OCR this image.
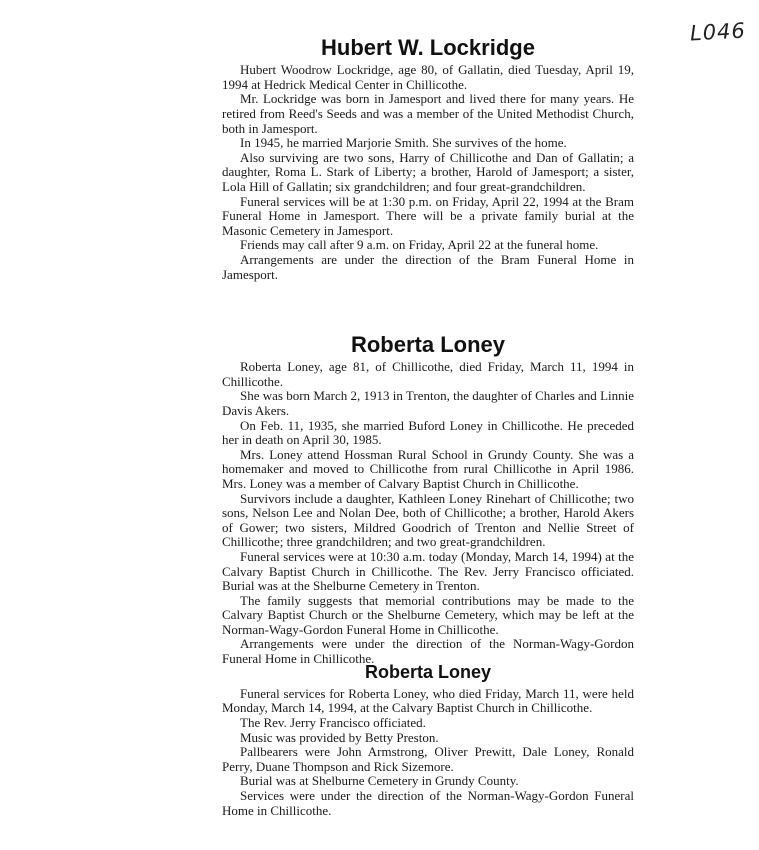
L046
Hubert W. Lockridge

Hubert Woodrow Lockridge, age 80, of Gallatin, died Tuesday, April 19, 1994 at Hedrick Medical Center in Chillicothe.

Mr. Lockridge was born in Jamesport and lived there for many years. He retired from Reed's Seeds and was a member of the United Methodist Church, both in Jamesport.

In 1945, he married Marjorie Smith. She survives of the home.

Also surviving are two sons, Harry of Chillicothe and Dan of Gallatin; a daughter, Roma L. Stark of Liberty; a brother, Harold of Jamesport; a sister, Lola Hill of Gallatin; six grandchildren; and four great-grandchildren.

Funeral services will be at 1:30 p.m. on Friday, April 22, 1994 at the Bram Funeral Home in Jamesport. There will be a private family burial at the Masonic Cemetery in Jamesport.

Friends may call after 9 a.m. on Friday, April 22 at the funeral home.

Arrangements are under the direction of the Bram Funeral Home in Jamesport.

Roberta Loney

Roberta Loney, age 81, of Chillicothe, died Friday, March 11, 1994 in Chillicothe.

She was born March 2, 1913 in Trenton, the daughter of Charles and Linnie Davis Akers.

On Feb. 11, 1935, she married Buford Loney in Chillicothe. He preceded her in death on April 30, 1985.

Mrs. Loney attend Hossman Rural School in Grundy County. She was a homemaker and moved to Chillicothe from rural Chillicothe in April 1986. Mrs. Loney was a member of Calvary Baptist Church in Chillicothe.

Survivors include a daughter, Kathleen Loney Rinehart of Chillicothe; two sons, Nelson Lee and Nolan Dee, both of Chillicothe; a brother, Harold Akers of Gower; two sisters, Mildred Goodrich of Trenton and Nellie Street of Chillicothe; three grandchildren; and two great-grandchildren.

Funeral services were at 10:30 a.m. today (Monday, March 14, 1994) at the Calvary Baptist Church in Chillicothe. The Rev. Jerry Francisco officiated. Burial was at the Shelburne Cemetery in Trenton.

The family suggests that memorial contributions may be made to the Calvary Baptist Church or the Shelburne Cemetery, which may be left at the Norman-Wagy-Gordon Funeral Home in Chillicothe.

Arrangements were under the direction of the Norman-Wagy-Gordon Funeral Home in Chillicothe.

Roberta Loney

Funeral services for Roberta Loney, who died Friday, March 11, were held Monday, March 14, 1994, at the Calvary Baptist Church in Chillicothe.

The Rev. Jerry Francisco officiated.

Music was provided by Betty Preston.

Pallbearers were John Armstrong, Oliver Prewitt, Dale Loney, Ronald Perry, Duane Thompson and Rick Sizemore.

Burial was at Shelburne Cemetery in Grundy County.

Services were under the direction of the Norman-Wagy-Gordon Funeral Home in Chillicothe.
